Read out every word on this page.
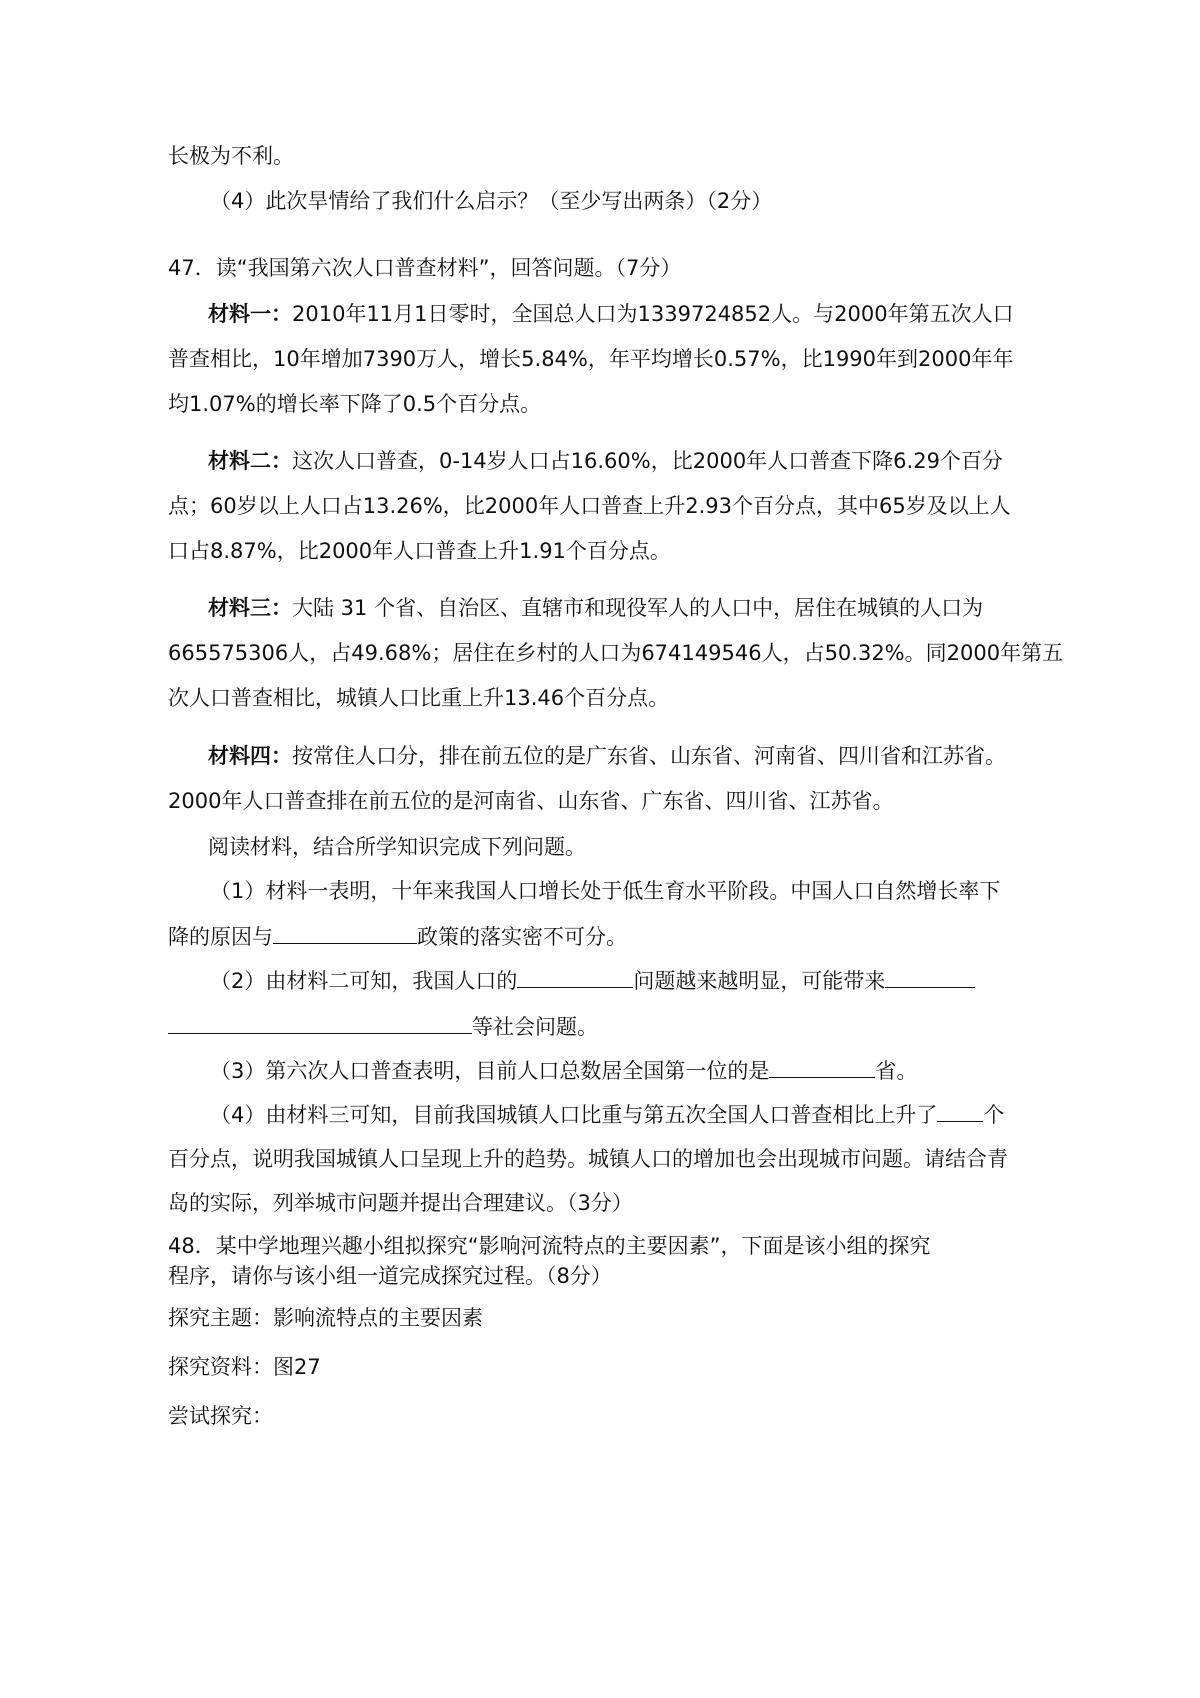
长极为不利。
（4）此次旱情给了我们什么启示？（至少写出两条）（2分）
47．读“我国第六次人口普查材料”，回答问题。（7分）
材料一：2010年11月1日零时，全国总人口为1339724852人。与2000年第五次人口
普查相比，10年增加7390万人，增长5.84%，年平均增长0.57%，比1990年到2000年年
均1.07%的增长率下降了0.5个百分点。
材料二：这次人口普查，0-14岁人口占16.60%，比2000年人口普查下降6.29个百分
点；60岁以上人口占13.26%，比2000年人口普查上升2.93个百分点，其中65岁及以上人
口占8.87%，比2000年人口普查上升1.91个百分点。
材料三：大陆 31 个省、自治区、直辖市和现役军人的人口中，居住在城镇的人口为
665575306人，占49.68%；居住在乡村的人口为674149546人，占50.32%。同2000年第五
次人口普查相比，城镇人口比重上升13.46个百分点。
材料四：按常住人口分，排在前五位的是广东省、山东省、河南省、四川省和江苏省。
2000年人口普查排在前五位的是河南省、山东省、广东省、四川省、江苏省。
阅读材料，结合所学知识完成下列问题。
（1）材料一表明，十年来我国人口增长处于低生育水平阶段。中国人口自然增长率下
降的原因与	政策的落实密不可分。
（2）由材料二可知，我国人口的	问题越来越明显，可能带来
等社会问题。
（3）第六次人口普查表明，目前人口总数居全国第一位的是	省。
（4）由材料三可知，目前我国城镇人口比重与第五次全国人口普查相比上升了 个
百分点，说明我国城镇人口呈现上升的趋势。城镇人口的增加也会出现城市问题。请结合青
岛的实际，列举城市问题并提出合理建议。（3分）
48．某中学地理兴趣小组拟探究“影响河流特点的主要因素”，下面是该小组的探究
程序，请你与该小组一道完成探究过程。（8分）
探究主题：影响流特点的主要因素
探究资料：图27
尝试探究：
